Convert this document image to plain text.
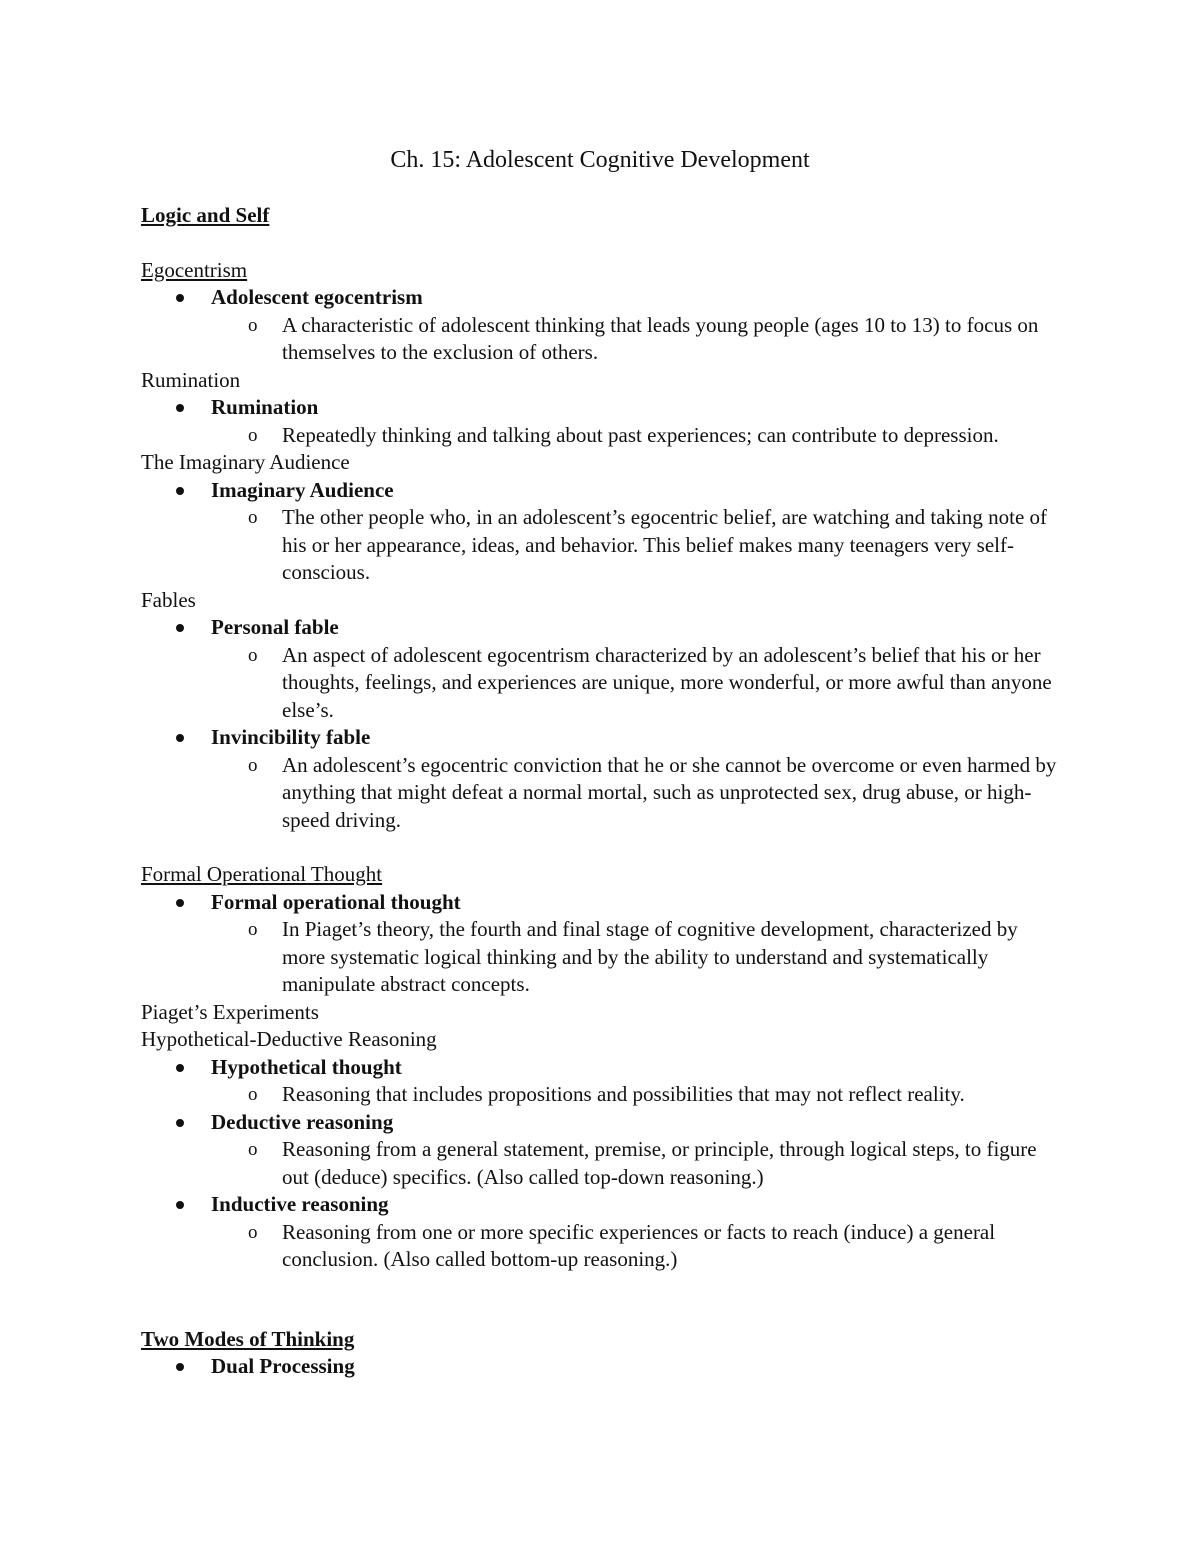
Ch. 15: Adolescent Cognitive Development
Logic and Self
Egocentrism
Adolescent egocentrism
o A characteristic of adolescent thinking that leads young people (ages 10 to 13) to focus on themselves to the exclusion of others.
Rumination
Rumination
o Repeatedly thinking and talking about past experiences; can contribute to depression.
The Imaginary Audience
Imaginary Audience
o The other people who, in an adolescent’s egocentric belief, are watching and taking note of his or her appearance, ideas, and behavior. This belief makes many teenagers very self-conscious.
Fables
Personal fable
o An aspect of adolescent egocentrism characterized by an adolescent’s belief that his or her thoughts, feelings, and experiences are unique, more wonderful, or more awful than anyone else’s.
Invincibility fable
o An adolescent’s egocentric conviction that he or she cannot be overcome or even harmed by anything that might defeat a normal mortal, such as unprotected sex, drug abuse, or high-speed driving.
Formal Operational Thought
Formal operational thought
o In Piaget’s theory, the fourth and final stage of cognitive development, characterized by more systematic logical thinking and by the ability to understand and systematically manipulate abstract concepts.
Piaget’s Experiments
Hypothetical-Deductive Reasoning
Hypothetical thought
o Reasoning that includes propositions and possibilities that may not reflect reality.
Deductive reasoning
o Reasoning from a general statement, premise, or principle, through logical steps, to figure out (deduce) specifics. (Also called top-down reasoning.)
Inductive reasoning
o Reasoning from one or more specific experiences or facts to reach (induce) a general conclusion. (Also called bottom-up reasoning.)
Two Modes of Thinking
Dual Processing
